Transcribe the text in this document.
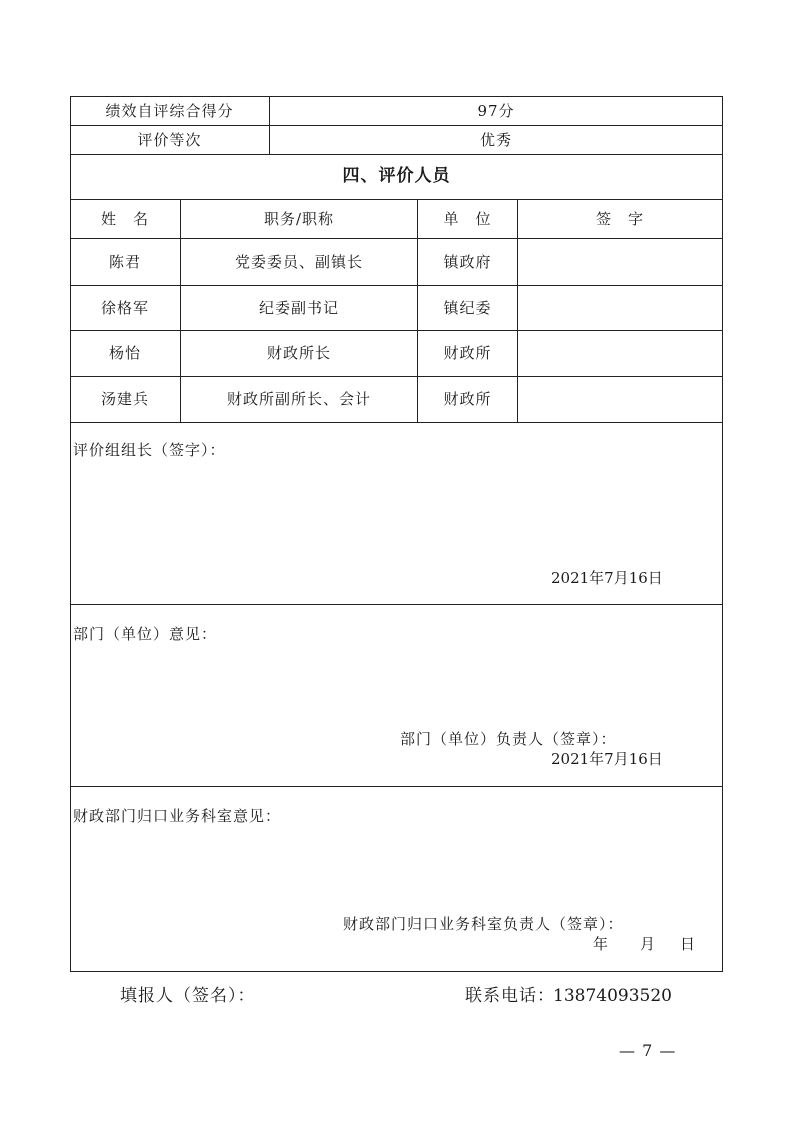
绩效自评综合得分	97分
评价等次	优秀
四、评价人员
姓　名	职务/职称	单　位	签　字
陈君	党委委员、副镇长	镇政府
徐格军	纪委副书记	镇纪委
杨怡	财政所长	财政所
汤建兵	财政所副所长、会计	财政所
评价组组长（签字）：
2021年7月16日
部门（单位）意见：
部门（单位）负责人（签章）：
2021年7月16日
财政部门归口业务科室意见：
财政部门归口业务科室负责人（签章）：
年 月 日
填报人（签名）：	联系电话：
13874093520
— 7 —
